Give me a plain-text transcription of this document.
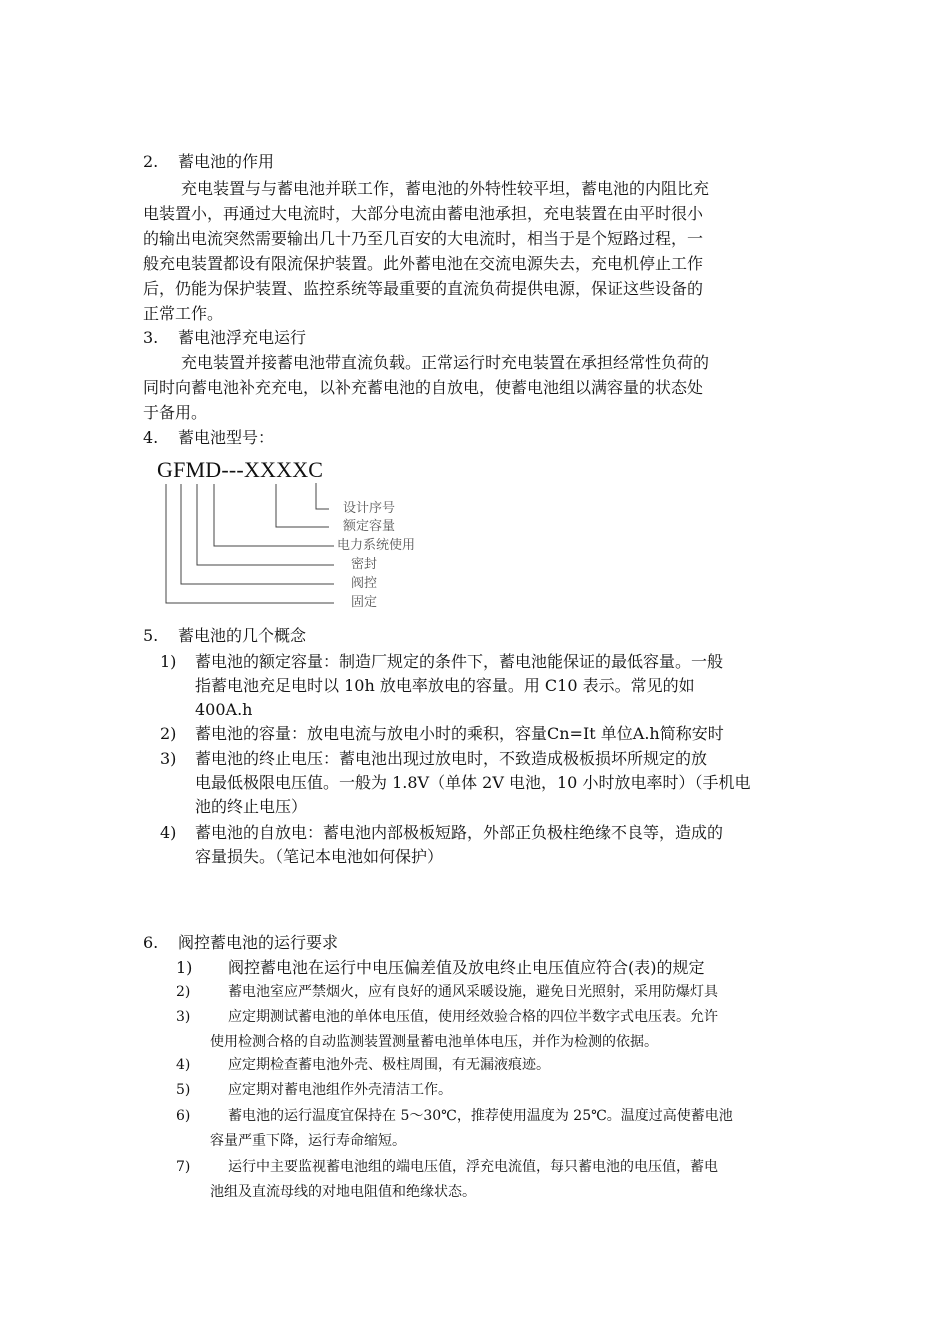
2. 蓄电池的作用
充电装置与与蓄电池并联工作，蓄电池的外特性较平坦，蓄电池的内阻比充
电装置小，再通过大电流时，大部分电流由蓄电池承担，充电装置在由平时很小
的输出电流突然需要输出几十乃至几百安的大电流时，相当于是个短路过程，一
般充电装置都设有限流保护装置。此外蓄电池在交流电源失去，充电机停止工作
后，仍能为保护装置、监控系统等最重要的直流负荷提供电源，保证这些设备的
正常工作。
3. 蓄电池浮充电运行
充电装置并接蓄电池带直流负载。正常运行时充电装置在承担经常性负荷的
同时向蓄电池补充充电，以补充蓄电池的自放电，使蓄电池组以满容量的状态处
于备用。
4. 蓄电池型号：
GFMD---XXXXC
设计序号
额定容量
电力系统使用
密封
阀控
固定
5. 蓄电池的几个概念
1) 蓄电池的额定容量：制造厂规定的条件下，蓄电池能保证的最低容量。一般
指蓄电池充足电时以 10h 放电率放电的容量。用 C10 表示。常见的如
400A.h
2) 蓄电池的容量：放电电流与放电小时的乘积，容量Cn=It 单位A.h简称安时
3) 蓄电池的终止电压：蓄电池出现过放电时，不致造成极板损坏所规定的放
电最低极限电压值。一般为 1.8V（单体 2V 电池，10 小时放电率时）（手机电
池的终止电压）
4) 蓄电池的自放电：蓄电池内部极板短路，外部正负极柱绝缘不良等，造成的
容量损失。（笔记本电池如何保护）
6. 阀控蓄电池的运行要求
1) 阀控蓄电池在运行中电压偏差值及放电终止电压值应符合(表)的规定
2)	蓄电池室应严禁烟火，应有良好的通风采暖设施，避免日光照射，采用防爆灯具
3)	应定期测试蓄电池的单体电压值，使用经效验合格的四位半数字式电压表。允许
使用检测合格的自动监测装置测量蓄电池单体电压，并作为检测的依据。
4)	应定期检查蓄电池外壳、极柱周围，有无漏液痕迹。
5)	应定期对蓄电池组作外壳清洁工作。
6)	蓄电池的运行温度宜保持在 5～30℃，推荐使用温度为 25℃。温度过高使蓄电池
容量严重下降，运行寿命缩短。
7)	运行中主要监视蓄电池组的端电压值，浮充电流值，每只蓄电池的电压值，蓄电
池组及直流母线的对地电阻值和绝缘状态。
